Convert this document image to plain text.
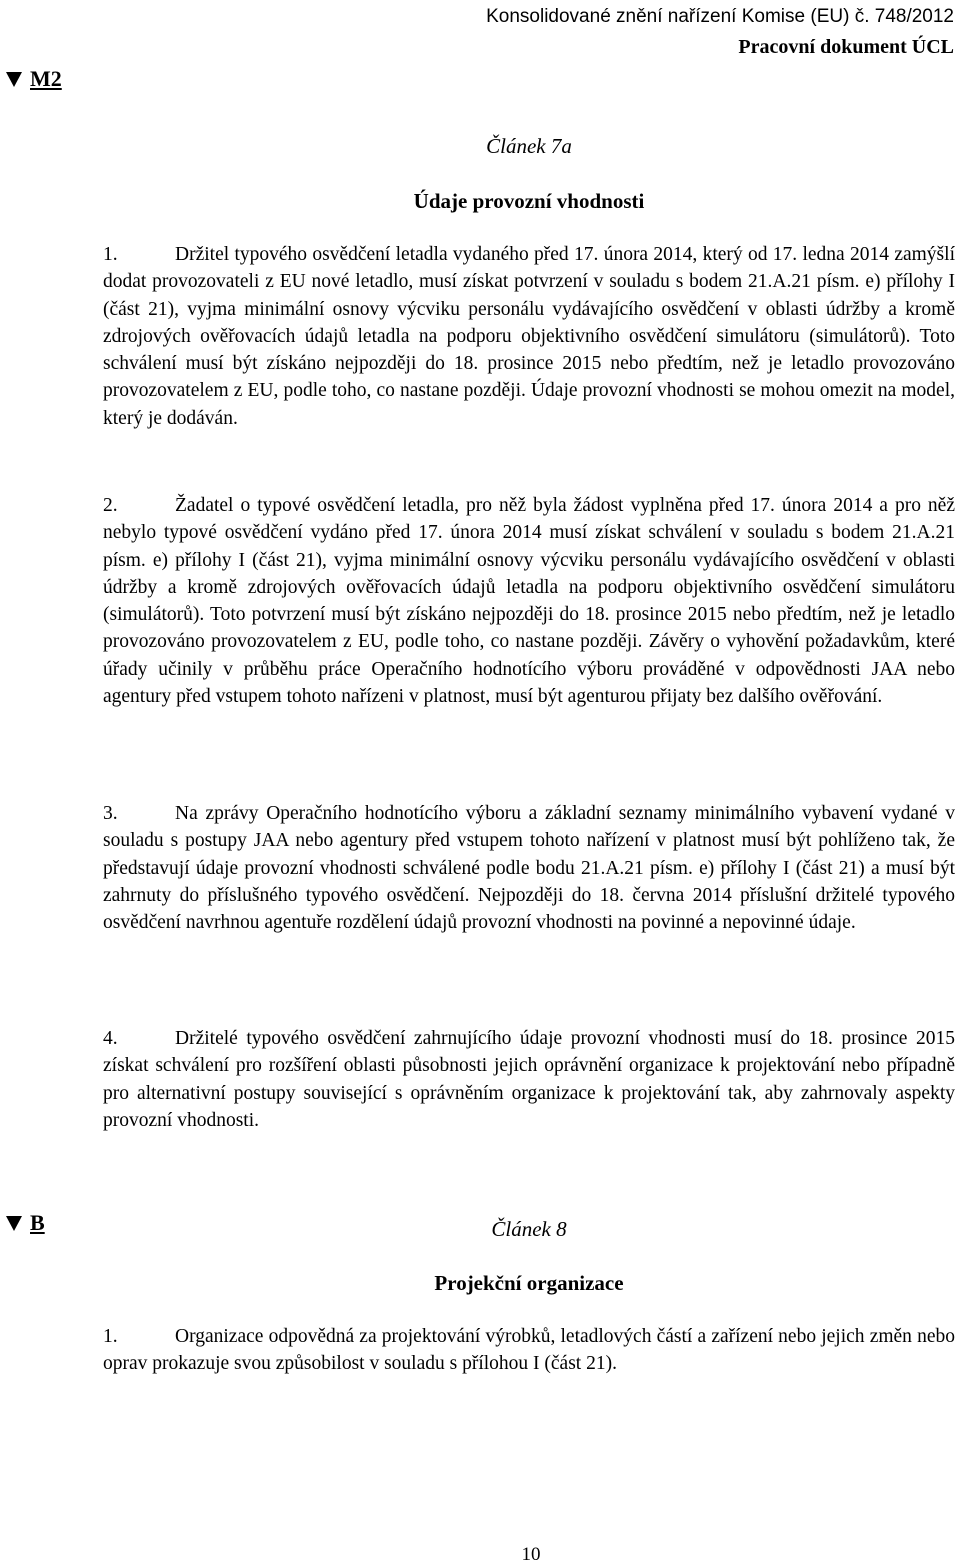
Konsolidované znění nařízení Komise (EU) č. 748/2012
Pracovní dokument ÚCL
M2
Článek 7a
Údaje provozní vhodnosti
1.	Držitel typového osvědčení letadla vydaného před 17. února 2014, který od 17. ledna 2014 zamýšlí dodat provozovateli z EU nové letadlo, musí získat potvrzení v souladu s bodem 21.A.21 písm. e) přílohy I (část 21), vyjma minimální osnovy výcviku personálu vydávajícího osvědčení v oblasti údržby a kromě zdrojových ověřovacích údajů letadla na podporu objektivního osvědčení simulátoru (simulátorů). Toto schválení musí být získáno nejpozději do 18. prosince 2015 nebo předtím, než je letadlo provozováno provozovatelem z EU, podle toho, co nastane později. Údaje provozní vhodnosti se mohou omezit na model, který je dodáván.
2.	Žadatel o typové osvědčení letadla, pro něž byla žádost vyplněna před 17. února 2014 a pro něž nebylo typové osvědčení vydáno před 17. února 2014 musí získat schválení v souladu s bodem 21.A.21 písm. e) přílohy I (část 21), vyjma minimální osnovy výcviku personálu vydávajícího osvědčení v oblasti údržby a kromě zdrojových ověřovacích údajů letadla na podporu objektivního osvědčení simulátoru (simulátorů). Toto potvrzení musí být získáno nejpozději do 18. prosince 2015 nebo předtím, než je letadlo provozováno provozovatelem z EU, podle toho, co nastane později. Závěry o vyhovění požadavkům, které úřady učinily v průběhu práce Operačního hodnotícího výboru prováděné v odpovědnosti JAA nebo agentury před vstupem tohoto nařízeni v platnost, musí být agenturou přijaty bez dalšího ověřování.
3.	Na zprávy Operačního hodnotícího výboru a základní seznamy minimálního vybavení vydané v souladu s postupy JAA nebo agentury před vstupem tohoto nařízení v platnost musí být pohlíženo tak, že představují údaje provozní vhodnosti schválené podle bodu 21.A.21 písm. e) přílohy I (část 21) a musí být zahrnuty do příslušného typového osvědčení. Nejpozději do 18. června 2014 příslušní držitelé typového osvědčení navrhnou agentuře rozdělení údajů provozní vhodnosti na povinné a nepovinné údaje.
4.	Držitelé typového osvědčení zahrnujícího údaje provozní vhodnosti musí do 18. prosince 2015 získat schválení pro rozšíření oblasti působnosti jejich oprávnění organizace k projektování nebo případně pro alternativní postupy související s oprávněním organizace k projektování tak, aby zahrnovaly aspekty provozní vhodnosti.
B	Článek 8
Projekční organizace
1.	Organizace odpovědná za projektování výrobků, letadlových částí a zařízení nebo jejich změn nebo oprav prokazuje svou způsobilost v souladu s přílohou I (část 21).
10
